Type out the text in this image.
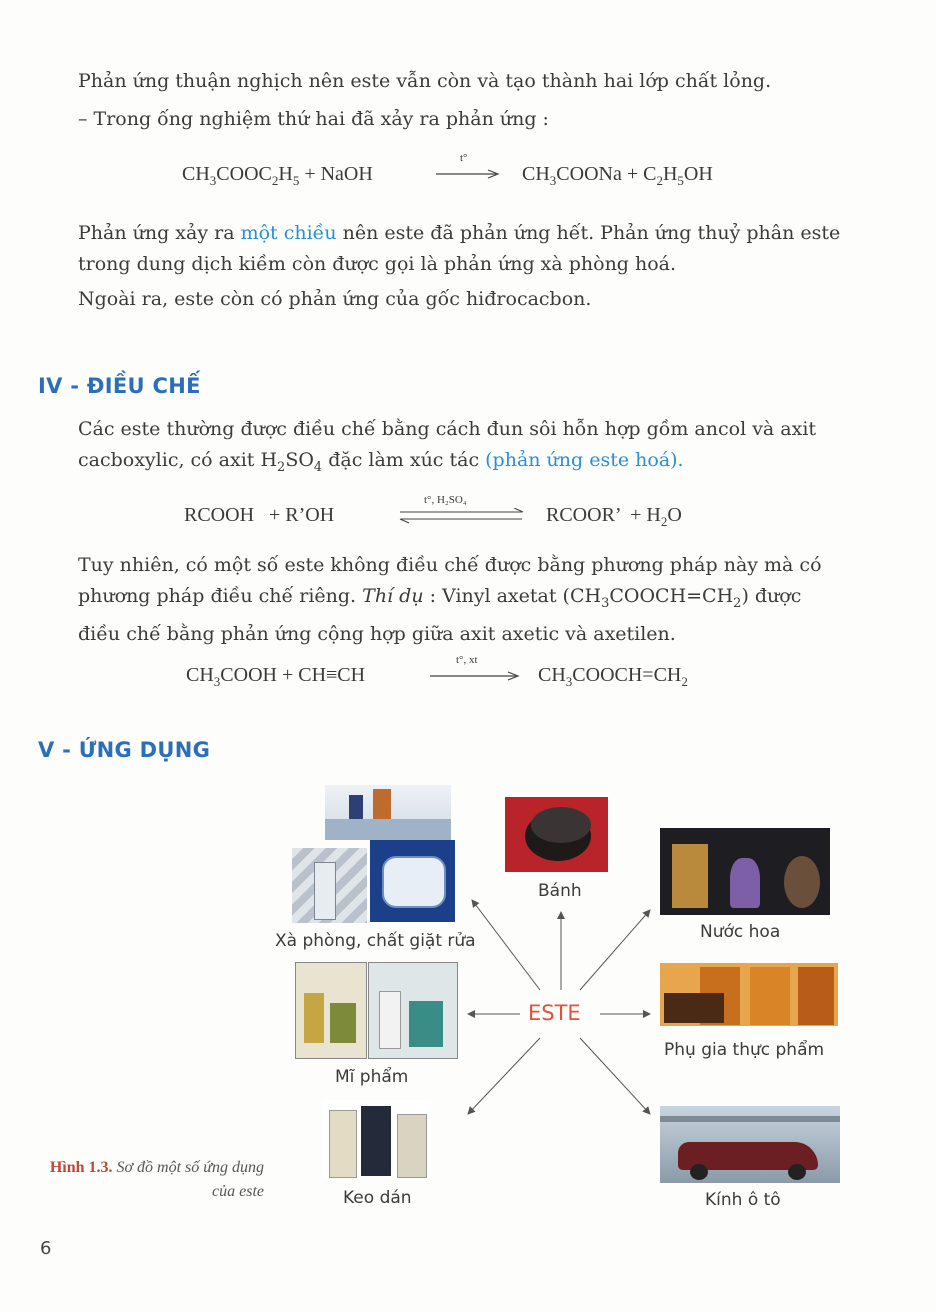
Phản ứng thuận nghịch nên este vẫn còn và tạo thành hai lớp chất lỏng.
– Trong ống nghiệm thứ hai đã xảy ra phản ứng :
$CH_3COOC_2H_5$ + NaOH
t°
$CH_3COONa + C_2H_5OH$
Phản ứng xảy ra một chiều nên este đã phản ứng hết. Phản ứng thuỷ phân este trong dung dịch kiềm còn được gọi là phản ứng xà phòng hoá.
Ngoài ra, este còn có phản ứng của gốc hiđrocacbon.
IV - ĐIỀU CHẾ
Các este thường được điều chế bằng cách đun sôi hỗn hợp gồm ancol và axit cacboxylic, có axit $H_2SO_4$ đặc làm xúc tác (phản ứng este hoá).
RCOOH   + R’OH
t°, H₂SO₄
RCOOR’  + $H_2O$
Tuy nhiên, có một số este không điều chế được bằng phương pháp này mà có phương pháp điều chế riêng. Thí dụ : Vinyl axetat $(CH_3COOCH=CH_2)$ được điều chế bằng phản ứng cộng hợp giữa axit axetic và axetilen.
$CH_3COOH + CH\equiv CH$
t°, xt
$CH_3COOCH=CH_2$
V - ỨNG DỤNG
ESTE
Bánh
Xà phòng, chất giặt rửa	Nước hoa
Mĩ phẩm
Phụ gia thực phẩm
Keo dán	Kính ô tô
Hình 1.3. Sơ đồ một số ứng dụng của este
6
